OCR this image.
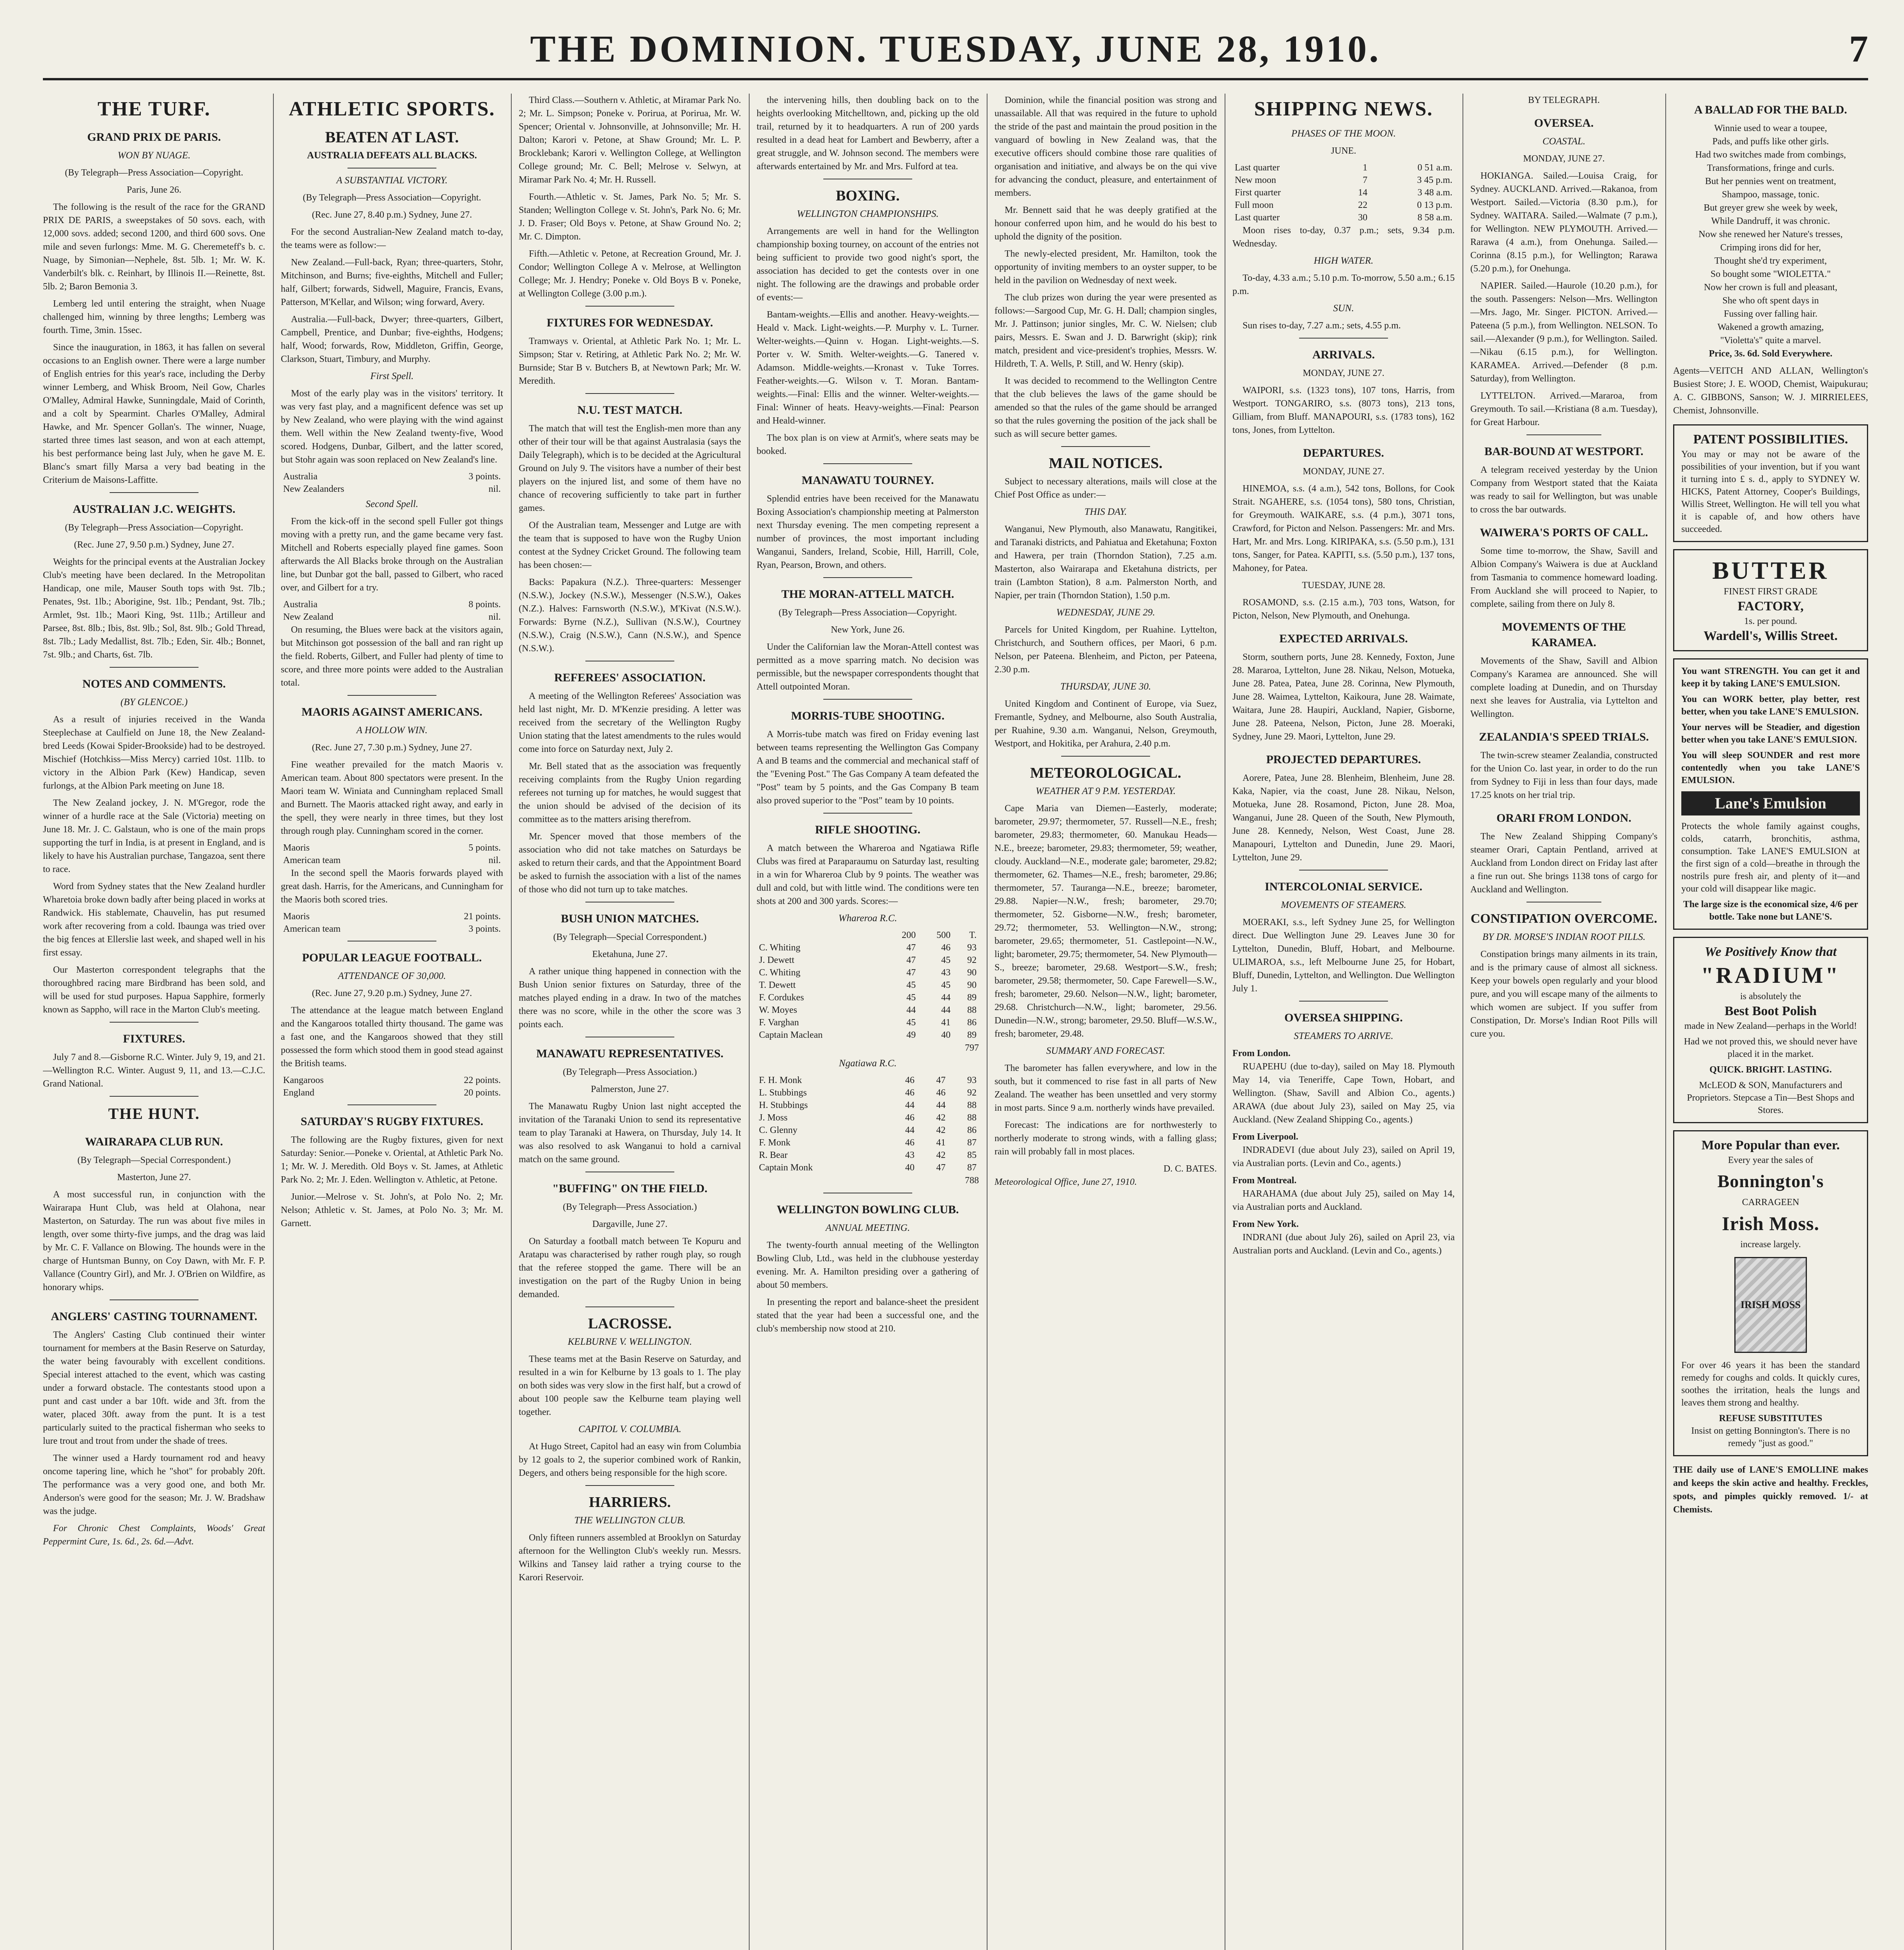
THE DOMINION. TUESDAY, JUNE 28, 1910.	7
THE TURF.
GRAND PRIX DE PARIS.
WON BY NUAGE.
(By Telegraph—Press Association—Copyright.
Paris, June 26.

The following is the result of the race for the GRAND PRIX DE PARIS, a sweepstakes of 50 sovs. each, with 12,000 sovs. added; second 1200, and third 600 sovs. One mile and seven furlongs: Mme. M. G. Cheremeteff's b. c. Nuage, by Simonian—Nephele, 8st. 5lb. 1; Mr. W. K. Vanderbilt's blk. c. Reinhart, by Illinois II.—Reinette, 8st. 5lb. 2; Baron Bemonia 3.

Lemberg led until entering the straight, when Nuage challenged him, winning by three lengths; Lemberg was fourth. Time, 3min. 15sec.

Since the inauguration, in 1863, it has fallen on several occasions to an English owner. There were a large number of English entries for this year's race, including the Derby winner Lemberg, and Whisk Broom, Neil Gow, Charles O'Malley, Admiral Hawke, Sunningdale, Maid of Corinth, and a colt by Spearmint. Charles O'Malley, Admiral Hawke, and Mr. Spencer Gollan's. The winner, Nuage, started three times last season, and won at each attempt, his best performance being last July, when he gave M. E. Blanc's smart filly Marsa a very bad beating in the Criterium de Maisons-Laffitte.

AUSTRALIAN J.C. WEIGHTS.
(By Telegraph—Press Association—Copyright.
(Rec. June 27, 9.50 p.m.) Sydney, June 27.

Weights for the principal events at the Australian Jockey Club's meeting have been declared. In the Metropolitan Handicap, one mile, Mauser South tops with 9st. 7lb.; Penates, 9st. 1lb.; Aborigine, 9st. 1lb.; Pendant, 9st. 7lb.; Armlet, 9st. 1lb.; Maori King, 9st. 11lb.; Artilleur and Parsee, 8st. 8lb.; Ibis, 8st. 9lb.; Sol, 8st. 9lb.; Gold Thread, 8st. 7lb.; Lady Medallist, 8st. 7lb.; Eden, Sir. 4lb.; Bonnet, 7st. 9lb.; and Charts, 6st. 7lb.

NOTES AND COMMENTS.
(BY GLENCOE.)

As a result of injuries received in the Wanda Steeplechase at Caulfield on June 18, the New Zealand-bred Leeds (Kowai Spider-Brookside) had to be destroyed. Mischief (Hotchkiss—Miss Mercy) carried 10st. 11lb. to victory in the Albion Park (Kew) Handicap, seven furlongs, at the Albion Park meeting on June 18.

The New Zealand jockey, J. N. M'Gregor, rode the winner of a hurdle race at the Sale (Victoria) meeting on June 18. Mr. J. C. Galstaun, who is one of the main props supporting the turf in India, is at present in England, and is likely to have his Australian purchase, Tangazoa, sent there to race.

Word from Sydney states that the New Zealand hurdler Wharetoia broke down badly after being placed in works at Randwick. His stablemate, Chauvelin, has put resumed work after recovering from a cold. Ibaunga was tried over the big fences at Ellerslie last week, and shaped well in his first essay.

Our Masterton correspondent telegraphs that the thoroughbred racing mare Birdbrand has been sold, and will be used for stud purposes. Hapua Sapphire, formerly known as Sappho, will race in the Marton Club's meeting.

FIXTURES.

July 7 and 8.—Gisborne R.C. Winter. July 9, 19, and 21.—Wellington R.C. Winter. August 9, 11, and 13.—C.J.C. Grand National.

THE HUNT.
WAIRARAPA CLUB RUN.
(By Telegraph—Special Correspondent.)
Masterton, June 27.

A most successful run, in conjunction with the Wairarapa Hunt Club, was held at Olahona, near Masterton, on Saturday. The run was about five miles in length, over some thirty-five jumps, and the drag was laid by Mr. C. F. Vallance on Blowing. The hounds were in the charge of Huntsman Bunny, on Coy Dawn, with Mr. F. P. Vallance (Country Girl), and Mr. J. O'Brien on Wildfire, as honorary whips.

ANGLERS' CASTING TOURNAMENT.

The Anglers' Casting Club continued their winter tournament for members at the Basin Reserve on Saturday, the water being favourably with excellent conditions. Special interest attached to the event, which was casting under a forward obstacle. The contestants stood upon a punt and cast under a bar 10ft. wide and 3ft. from the water, placed 30ft. away from the punt. It is a test particularly suited to the practical fisherman who seeks to lure trout and trout from under the shade of trees.

The winner used a Hardy tournament rod and heavy oncome tapering line, which he "shot" for probably 20ft. The performance was a very good one, and both Mr. Anderson's were good for the season; Mr. J. W. Bradshaw was the judge.

For Chronic Chest Complaints, Woods' Great Peppermint Cure, 1s. 6d., 2s. 6d.—Advt.

ATHLETIC SPORTS.
BEATEN AT LAST.
AUSTRALIA DEFEATS ALL BLACKS.
A SUBSTANTIAL VICTORY.
(By Telegraph—Press Association—Copyright.
(Rec. June 27, 8.40 p.m.) Sydney, June 27.

For the second Australian-New Zealand match to-day, the teams were as follow:—

New Zealand.—Full-back, Ryan; three-quarters, Stohr, Mitchinson, and Burns; five-eighths, Mitchell and Fuller; half, Gilbert; forwards, Sidwell, Maguire, Francis, Evans, Patterson, M'Kellar, and Wilson; wing forward, Avery.

Australia.—Full-back, Dwyer; three-quarters, Gilbert, Campbell, Prentice, and Dunbar; five-eighths, Hodgens; half, Wood; forwards, Row, Middleton, Griffin, George, Clarkson, Stuart, Timbury, and Murphy.

First Spell.

Most of the early play was in the visitors' territory. It was very fast play, and a magnificent defence was set up by New Zealand, who were playing with the wind against them. Well within the New Zealand twenty-five, Wood scored. Hodgens, Dunbar, Gilbert, and the latter scored, but Stohr again was soon replaced on New Zealand's line.

Australia	3 points.
New Zealanders	nil.
Second Spell.

From the kick-off in the second spell Fuller got things moving with a pretty run, and the game became very fast. Mitchell and Roberts especially played fine games. Soon afterwards the All Blacks broke through on the Australian line, but Dunbar got the ball, passed to Gilbert, who raced over, and Gilbert for a try.

Australia	8 points.
New Zealand	nil.

On resuming, the Blues were back at the visitors again, but Mitchinson got possession of the ball and ran right up the field. Roberts, Gilbert, and Fuller had plenty of time to score, and three more points were added to the Australian total.

MAORIS AGAINST AMERICANS.
A HOLLOW WIN.
(Rec. June 27, 7.30 p.m.) Sydney, June 27.

Fine weather prevailed for the match Maoris v. American team. About 800 spectators were present. In the Maori team W. Winiata and Cunningham replaced Small and Burnett. The Maoris attacked right away, and early in the spell, they were nearly in three times, but they lost through rough play. Cunningham scored in the corner.

Maoris	5 points.
American team	nil.

In the second spell the Maoris forwards played with great dash. Harris, for the Americans, and Cunningham for the Maoris both scored tries.

Maoris	21 points.
American team	3 points.
POPULAR LEAGUE FOOTBALL.
ATTENDANCE OF 30,000.
(Rec. June 27, 9.20 p.m.) Sydney, June 27.

The attendance at the league match between England and the Kangaroos totalled thirty thousand. The game was a fast one, and the Kangaroos showed that they still possessed the form which stood them in good stead against the British teams.

Kangaroos	22 points.
England	20 points.
SATURDAY'S RUGBY FIXTURES.

The following are the Rugby fixtures, given for next Saturday: Senior.—Poneke v. Oriental, at Athletic Park No. 1; Mr. W. J. Meredith. Old Boys v. St. James, at Athletic Park No. 2; Mr. J. Eden. Wellington v. Athletic, at Petone.

Junior.—Melrose v. St. John's, at Polo No. 2; Mr. Nelson; Athletic v. St. James, at Polo No. 3; Mr. M. Garnett.

Third Class.—Southern v. Athletic, at Miramar Park No. 2; Mr. L. Simpson; Poneke v. Porirua, at Porirua, Mr. W. Spencer; Oriental v. Johnsonville, at Johnsonville; Mr. H. Dalton; Karori v. Petone, at Shaw Ground; Mr. L. P. Brocklebank; Karori v. Wellington College, at Wellington College ground; Mr. C. Bell; Melrose v. Selwyn, at Miramar Park No. 4; Mr. H. Russell.

Fourth.—Athletic v. St. James, Park No. 5; Mr. S. Standen; Wellington College v. St. John's, Park No. 6; Mr. J. D. Fraser; Old Boys v. Petone, at Shaw Ground No. 2; Mr. C. Dimpton.

Fifth.—Athletic v. Petone, at Recreation Ground, Mr. J. Condor; Wellington College A v. Melrose, at Wellington College; Mr. J. Hendry; Poneke v. Old Boys B v. Poneke, at Wellington College (3.00 p.m.).

FIXTURES FOR WEDNESDAY.

Tramways v. Oriental, at Athletic Park No. 1; Mr. L. Simpson; Star v. Retiring, at Athletic Park No. 2; Mr. W. Burnside; Star B v. Butchers B, at Newtown Park; Mr. W. Meredith.

N.U. TEST MATCH.

The match that will test the English-men more than any other of their tour will be that against Australasia (says the Daily Telegraph), which is to be decided at the Agricultural Ground on July 9. The visitors have a number of their best players on the injured list, and some of them have no chance of recovering sufficiently to take part in further games.

Of the Australian team, Messenger and Lutge are with the team that is supposed to have won the Rugby Union contest at the Sydney Cricket Ground. The following team has been chosen:—

Backs: Papakura (N.Z.). Three-quarters: Messenger (N.S.W.), Jockey (N.S.W.), Messenger (N.S.W.), Oakes (N.Z.). Halves: Farnsworth (N.S.W.), M'Kivat (N.S.W.). Forwards: Byrne (N.Z.), Sullivan (N.S.W.), Courtney (N.S.W.), Craig (N.S.W.), Cann (N.S.W.), and Spence (N.S.W.).

REFEREES' ASSOCIATION.

A meeting of the Wellington Referees' Association was held last night, Mr. D. M'Kenzie presiding. A letter was received from the secretary of the Wellington Rugby Union stating that the latest amendments to the rules would come into force on Saturday next, July 2.

Mr. Bell stated that as the association was frequently receiving complaints from the Rugby Union regarding referees not turning up for matches, he would suggest that the union should be advised of the decision of its committee as to the matters arising therefrom.

Mr. Spencer moved that those members of the association who did not take matches on Saturdays be asked to return their cards, and that the Appointment Board be asked to furnish the association with a list of the names of those who did not turn up to take matches.

BUSH UNION MATCHES.
(By Telegraph—Special Correspondent.)
Eketahuna, June 27.

A rather unique thing happened in connection with the Bush Union senior fixtures on Saturday, three of the matches played ending in a draw. In two of the matches there was no score, while in the other the score was 3 points each.

MANAWATU REPRESENTATIVES.
(By Telegraph—Press Association.)
Palmerston, June 27.

The Manawatu Rugby Union last night accepted the invitation of the Taranaki Union to send its representative team to play Taranaki at Hawera, on Thursday, July 14. It was also resolved to ask Wanganui to hold a carnival match on the same ground.

"BUFFING" ON THE FIELD.
(By Telegraph—Press Association.)
Dargaville, June 27.

On Saturday a football match between Te Kopuru and Aratapu was characterised by rather rough play, so rough that the referee stopped the game. There will be an investigation on the part of the Rugby Union in being demanded.

LACROSSE.
KELBURNE V. WELLINGTON.

These teams met at the Basin Reserve on Saturday, and resulted in a win for Kelburne by 13 goals to 1. The play on both sides was very slow in the first half, but a crowd of about 100 people saw the Kelburne team playing well together.

CAPITOL V. COLUMBIA.

At Hugo Street, Capitol had an easy win from Columbia by 12 goals to 2, the superior combined work of Rankin, Degers, and others being responsible for the high score.

HARRIERS.
THE WELLINGTON CLUB.

Only fifteen runners assembled at Brooklyn on Saturday afternoon for the Wellington Club's weekly run. Messrs. Wilkins and Tansey laid rather a trying course to the Karori Reservoir.

the intervening hills, then doubling back on to the heights overlooking Mitchelltown, and, picking up the old trail, returned by it to headquarters. A run of 200 yards resulted in a dead heat for Lambert and Bewberry, after a great struggle, and W. Johnson second. The members were afterwards entertained by Mr. and Mrs. Fulford at tea.

BOXING.
WELLINGTON CHAMPIONSHIPS.

Arrangements are well in hand for the Wellington championship boxing tourney, on account of the entries not being sufficient to provide two good night's sport, the association has decided to get the contests over in one night. The following are the drawings and probable order of events:—

Bantam-weights.—Ellis and another. Heavy-weights.—Heald v. Mack. Light-weights.—P. Murphy v. L. Turner. Welter-weights.—Quinn v. Hogan. Light-weights.—S. Porter v. W. Smith. Welter-weights.—G. Tanered v. Adamson. Middle-weights.—Kronast v. Tuke Torres. Feather-weights.—G. Wilson v. T. Moran. Bantam-weights.—Final: Ellis and the winner. Welter-weights.—Final: Winner of heats. Heavy-weights.—Final: Pearson and Heald-winner.

The box plan is on view at Armit's, where seats may be booked.

MANAWATU TOURNEY.

Splendid entries have been received for the Manawatu Boxing Association's championship meeting at Palmerston next Thursday evening. The men competing represent a number of provinces, the most important including Wanganui, Sanders, Ireland, Scobie, Hill, Harrill, Cole, Ryan, Pearson, Brown, and others.

THE MORAN-ATTELL MATCH.
(By Telegraph—Press Association—Copyright.
New York, June 26.

Under the Californian law the Moran-Attell contest was permitted as a move sparring match. No decision was permissible, but the newspaper correspondents thought that Attell outpointed Moran.

MORRIS-TUBE SHOOTING.

A Morris-tube match was fired on Friday evening last between teams representing the Wellington Gas Company A and B teams and the commercial and mechanical staff of the "Evening Post." The Gas Company A team defeated the "Post" team by 5 points, and the Gas Company B team also proved superior to the "Post" team by 10 points.

RIFLE SHOOTING.

A match between the Whareroa and Ngatiawa Rifle Clubs was fired at Paraparaumu on Saturday last, resulting in a win for Whareroa Club by 9 points. The weather was dull and cold, but with little wind. The conditions were ten shots at 200 and 300 yards. Scores:—

Whareroa R.C.
	200	500	T.
C. Whiting	47	46	93
J. Dewett	47	45	92
C. Whiting	47	43	90
T. Dewett	45	45	90
F. Cordukes	45	44	89
W. Moyes	44	44	88
F. Varghan	45	41	86
Captain Maclean	49	40	89
797
Ngatiawa R.C.
F. H. Monk	46	47	93
L. Stubbings	46	46	92
H. Stubbings	44	44	88
J. Moss	46	42	88
C. Glenny	44	42	86
F. Monk	46	41	87
R. Bear	43	42	85
Captain Monk	40	47	87
788
WELLINGTON BOWLING CLUB.
ANNUAL MEETING.

The twenty-fourth annual meeting of the Wellington Bowling Club, Ltd., was held in the clubhouse yesterday evening. Mr. A. Hamilton presiding over a gathering of about 50 members.

In presenting the report and balance-sheet the president stated that the year had been a successful one, and the club's membership now stood at 210.

Dominion, while the financial position was strong and unassailable. All that was required in the future to uphold the stride of the past and maintain the proud position in the vanguard of bowling in New Zealand was, that the executive officers should combine those rare qualities of organisation and initiative, and always be on the qui vive for advancing the conduct, pleasure, and entertainment of members.

Mr. Bennett said that he was deeply gratified at the honour conferred upon him, and he would do his best to uphold the dignity of the position.

The newly-elected president, Mr. Hamilton, took the opportunity of inviting members to an oyster supper, to be held in the pavilion on Wednesday of next week.

The club prizes won during the year were presented as follows:—Sargood Cup, Mr. G. H. Dall; champion singles, Mr. J. Pattinson; junior singles, Mr. C. W. Nielsen; club pairs, Messrs. E. Swan and J. D. Barwright (skip); rink match, president and vice-president's trophies, Messrs. W. Hildreth, T. A. Wells, P. Still, and W. Henry (skip).

It was decided to recommend to the Wellington Centre that the club believes the laws of the game should be amended so that the rules of the game should be arranged so that the rules governing the position of the jack shall be such as will secure better games.

MAIL NOTICES.

Subject to necessary alterations, mails will close at the Chief Post Office as under:—

THIS DAY.

Wanganui, New Plymouth, also Manawatu, Rangitikei, and Taranaki districts, and Pahiatua and Eketahuna; Foxton and Hawera, per train (Thorndon Station), 7.25 a.m. Masterton, also Wairarapa and Eketahuna districts, per train (Lambton Station), 8 a.m. Palmerston North, and Napier, per train (Thorndon Station), 1.50 p.m.

WEDNESDAY, JUNE 29.

Parcels for United Kingdom, per Ruahine. Lyttelton, Christchurch, and Southern offices, per Maori, 6 p.m. Nelson, per Pateena. Blenheim, and Picton, per Pateena, 2.30 p.m.

THURSDAY, JUNE 30.

United Kingdom and Continent of Europe, via Suez, Fremantle, Sydney, and Melbourne, also South Australia, per Ruahine, 9.30 a.m. Wanganui, Nelson, Greymouth, Westport, and Hokitika, per Arahura, 2.40 p.m.

METEOROLOGICAL.
WEATHER AT 9 P.M. YESTERDAY.

Cape Maria van Diemen—Easterly, moderate; barometer, 29.97; thermometer, 57. Russell—N.E., fresh; barometer, 29.83; thermometer, 60. Manukau Heads—N.E., breeze; barometer, 29.83; thermometer, 59; weather, cloudy. Auckland—N.E., moderate gale; barometer, 29.82; thermometer, 62. Thames—N.E., fresh; barometer, 29.86; thermometer, 57. Tauranga—N.E., breeze; barometer, 29.88. Napier—N.W., fresh; barometer, 29.70; thermometer, 52. Gisborne—N.W., fresh; barometer, 29.72; thermometer, 53. Wellington—N.W., strong; barometer, 29.65; thermometer, 51. Castlepoint—N.W., light; barometer, 29.75; thermometer, 54. New Plymouth—S., breeze; barometer, 29.68. Westport—S.W., fresh; barometer, 29.58; thermometer, 50. Cape Farewell—S.W., fresh; barometer, 29.60. Nelson—N.W., light; barometer, 29.68. Christchurch—N.W., light; barometer, 29.56. Dunedin—N.W., strong; barometer, 29.50. Bluff—W.S.W., fresh; barometer, 29.48.

SUMMARY AND FORECAST.

The barometer has fallen everywhere, and low in the south, but it commenced to rise fast in all parts of New Zealand. The weather has been unsettled and very stormy in most parts. Since 9 a.m. northerly winds have prevailed.

Forecast: The indications are for northwesterly to northerly moderate to strong winds, with a falling glass; rain will probably fall in most places.

D. C. BATES.
Meteorological Office, June 27, 1910.
SHIPPING NEWS.
PHASES OF THE MOON.
JUNE.
Last quarter	1	0 51 a.m.
New moon	7	3 45 p.m.
First quarter	14	3 48 a.m.
Full moon	22	0 13 p.m.
Last quarter	30	8 58 a.m.

Moon rises to-day, 0.37 p.m.; sets, 9.34 p.m. Wednesday.

HIGH WATER.

To-day, 4.33 a.m.; 5.10 p.m. To-morrow, 5.50 a.m.; 6.15 p.m.

SUN.

Sun rises to-day, 7.27 a.m.; sets, 4.55 p.m.

ARRIVALS.
MONDAY, JUNE 27.

WAIPORI, s.s. (1323 tons), 107 tons, Harris, from Westport. TONGARIRO, s.s. (8073 tons), 213 tons, Gilliam, from Bluff. MANAPOURI, s.s. (1783 tons), 162 tons, Jones, from Lyttelton.

DEPARTURES.
MONDAY, JUNE 27.

HINEMOA, s.s. (4 a.m.), 542 tons, Bollons, for Cook Strait. NGAHERE, s.s. (1054 tons), 580 tons, Christian, for Greymouth. WAIKARE, s.s. (4 p.m.), 3071 tons, Crawford, for Picton and Nelson. Passengers: Mr. and Mrs. Hart, Mr. and Mrs. Long. KIRIPAKA, s.s. (5.50 p.m.), 131 tons, Sanger, for Patea. KAPITI, s.s. (5.50 p.m.), 137 tons, Mahoney, for Patea.

TUESDAY, JUNE 28.

ROSAMOND, s.s. (2.15 a.m.), 703 tons, Watson, for Picton, Nelson, New Plymouth, and Onehunga.

EXPECTED ARRIVALS.

Storm, southern ports, June 28. Kennedy, Foxton, June 28. Mararoa, Lyttelton, June 28. Nikau, Nelson, Motueka, June 28. Patea, Patea, June 28. Corinna, New Plymouth, June 28. Waimea, Lyttelton, Kaikoura, June 28. Waimate, Waitara, June 28. Haupiri, Auckland, Napier, Gisborne, June 28. Pateena, Nelson, Picton, June 28. Moeraki, Sydney, June 29. Maori, Lyttelton, June 29.

PROJECTED DEPARTURES.

Aorere, Patea, June 28. Blenheim, Blenheim, June 28. Kaka, Napier, via the coast, June 28. Nikau, Nelson, Motueka, June 28. Rosamond, Picton, June 28. Moa, Wanganui, June 28. Queen of the South, New Plymouth, June 28. Kennedy, Nelson, West Coast, June 28. Manapouri, Lyttelton and Dunedin, June 29. Maori, Lyttelton, June 29.

INTERCOLONIAL SERVICE.
MOVEMENTS OF STEAMERS.

MOERAKI, s.s., left Sydney June 25, for Wellington direct. Due Wellington June 29. Leaves June 30 for Lyttelton, Dunedin, Bluff, Hobart, and Melbourne. ULIMAROA, s.s., left Melbourne June 25, for Hobart, Bluff, Dunedin, Lyttelton, and Wellington. Due Wellington July 1.

OVERSEA SHIPPING.
STEAMERS TO ARRIVE.
From London.

RUAPEHU (due to-day), sailed on May 18. Plymouth May 14, via Teneriffe, Cape Town, Hobart, and Wellington. (Shaw, Savill and Albion Co., agents.) ARAWA (due about July 23), sailed on May 25, via Auckland. (New Zealand Shipping Co., agents.)

From Liverpool.

INDRADEVI (due about July 23), sailed on April 19, via Australian ports. (Levin and Co., agents.)

From Montreal.

HARAHAMA (due about July 25), sailed on May 14, via Australian ports and Auckland.

From New York.

INDRANI (due about July 26), sailed on April 23, via Australian ports and Auckland. (Levin and Co., agents.)

BY TELEGRAPH.
OVERSEA.
COASTAL.
MONDAY, JUNE 27.

HOKIANGA. Sailed.—Louisa Craig, for Sydney. AUCKLAND. Arrived.—Rakanoa, from Westport. Sailed.—Victoria (8.30 p.m.), for Sydney. WAITARA. Sailed.—Walmate (7 p.m.), for Wellington. NEW PLYMOUTH. Arrived.—Rarawa (4 a.m.), from Onehunga. Sailed.—Corinna (8.15 p.m.), for Wellington; Rarawa (5.20 p.m.), for Onehunga.

NAPIER. Sailed.—Haurole (10.20 p.m.), for the south. Passengers: Nelson—Mrs. Wellington—Mrs. Jago, Mr. Singer. PICTON. Arrived.—Pateena (5 p.m.), from Wellington. NELSON. To sail.—Alexander (9 p.m.), for Wellington. Sailed.—Nikau (6.15 p.m.), for Wellington. KARAMEA. Arrived.—Defender (8 p.m. Saturday), from Wellington.

LYTTELTON. Arrived.—Mararoa, from Greymouth. To sail.—Kristiana (8 a.m. Tuesday), for Great Harbour.

BAR-BOUND AT WESTPORT.

A telegram received yesterday by the Union Company from Westport stated that the Kaiata was ready to sail for Wellington, but was unable to cross the bar outwards.

WAIWERA'S PORTS OF CALL.

Some time to-morrow, the Shaw, Savill and Albion Company's Waiwera is due at Auckland from Tasmania to commence homeward loading. From Auckland she will proceed to Napier, to complete, sailing from there on July 8.

MOVEMENTS OF THE KARAMEA.

Movements of the Shaw, Savill and Albion Company's Karamea are announced. She will complete loading at Dunedin, and on Thursday next she leaves for Australia, via Lyttelton and Wellington.

ZEALANDIA'S SPEED TRIALS.

The twin-screw steamer Zealandia, constructed for the Union Co. last year, in order to do the run from Sydney to Fiji in less than four days, made 17.25 knots on her trial trip.

ORARI FROM LONDON.

The New Zealand Shipping Company's steamer Orari, Captain Pentland, arrived at Auckland from London direct on Friday last after a fine run out. She brings 1138 tons of cargo for Auckland and Wellington.

CONSTIPATION OVERCOME.
BY DR. MORSE'S INDIAN ROOT PILLS.

Constipation brings many ailments in its train, and is the primary cause of almost all sickness. Keep your bowels open regularly and your blood pure, and you will escape many of the ailments to which women are subject. If you suffer from Constipation, Dr. Morse's Indian Root Pills will cure you.

A BALLAD FOR THE BALD.

Winnie used to wear a toupee,

Pads, and puffs like other girls.

Had two switches made from combings,

Transformations, fringe and curls.

But her pennies went on treatment,

Shampoo, massage, tonic.

But greyer grew she week by week,

While Dandruff, it was chronic.

Now she renewed her Nature's tresses,

Crimping irons did for her,

Thought she'd try experiment,

So bought some "WIOLETTA."

Now her crown is full and pleasant,

She who oft spent days in

Fussing over falling hair.

Wakened a growth amazing,

"Violetta's" quite a marvel.

Price, 3s. 6d. Sold Everywhere.

Agents—VEITCH AND ALLAN, Wellington's Busiest Store; J. E. WOOD, Chemist, Waipukurau; A. C. GIBBONS, Sanson; W. J. MIRRIELEES, Chemist, Johnsonville.

PATENT POSSIBILITIES.
You may or may not be aware of the possibilities of your invention, but if you want it turning into £ s. d., apply to SYDNEY W. HICKS, Patent Attorney, Cooper's Buildings, Willis Street, Wellington. He will tell you what it is capable of, and how others have succeeded.
BUTTER
FINEST FIRST GRADE
FACTORY,
1s. per pound.
Wardell's, Willis Street.
You want STRENGTH. You can get it and keep it by taking LANE'S EMULSION.
You can WORK better, play better, rest better, when you take LANE'S EMULSION.
Your nerves will be Steadier, and digestion better when you take LANE'S EMULSION.
You will sleep SOUNDER and rest more contentedly when you take LANE'S EMULSION.
Lane's Emulsion
Protects the whole family against coughs, colds, catarrh, bronchitis, asthma, consumption. Take LANE'S EMULSION at the first sign of a cold—breathe in through the nostrils pure fresh air, and plenty of it—and your cold will disappear like magic.
The large size is the economical size, 4/6 per bottle. Take none but LANE'S.
We Positively Know that
"RADIUM"
is absolutely the
Best Boot Polish
made in New Zealand—perhaps in the World!
Had we not proved this, we should never have placed it in the market.
QUICK. BRIGHT. LASTING.
McLEOD & SON, Manufacturers and Proprietors. Stepcase a Tin—Best Shops and Stores.
More Popular than ever.
Every year the sales of
Bonnington's
CARRAGEEN
Irish Moss.
increase largely.
IRISH MOSS
For over 46 years it has been the standard remedy for coughs and colds. It quickly cures, soothes the irritation, heals the lungs and leaves them strong and healthy.
REFUSE SUBSTITUTES
Insist on getting Bonnington's. There is no remedy "just as good."

THE daily use of LANE'S EMOLLINE makes and keeps the skin active and healthy. Freckles, spots, and pimples quickly removed. 1/- at Chemists.
